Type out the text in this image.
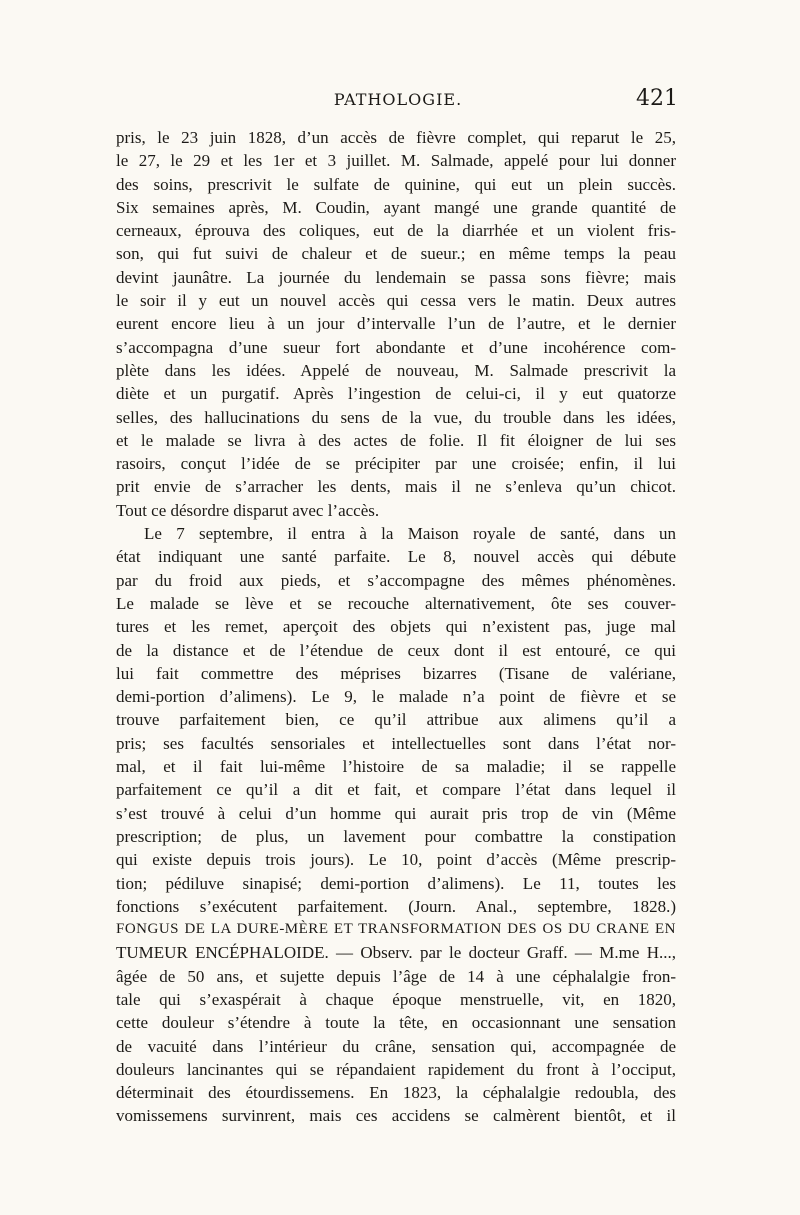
PATHOLOGIE.	421
pris, le 23 juin 1828, d’un accès de fièvre complet, qui reparut le 25,
le 27, le 29 et les 1er et 3 juillet. M. Salmade, appelé pour lui donner
des soins, prescrivit le sulfate de quinine, qui eut un plein succès.
Six semaines après, M. Coudin, ayant mangé une grande quantité de
cerneaux, éprouva des coliques, eut de la diarrhée et un violent fris-
son, qui fut suivi de chaleur et de sueur.; en même temps la peau
devint jaunâtre. La journée du lendemain se passa sons fièvre; mais
le soir il y eut un nouvel accès qui cessa vers le matin. Deux autres
eurent encore lieu à un jour d’intervalle l’un de l’autre, et le dernier
s’accompagna d’une sueur fort abondante et d’une incohérence com-
plète dans les idées. Appelé de nouveau, M. Salmade prescrivit la
diète et un purgatif. Après l’ingestion de celui-ci, il y eut quatorze
selles, des hallucinations du sens de la vue, du trouble dans les idées,
et le malade se livra à des actes de folie. Il fit éloigner de lui ses
rasoirs, conçut l’idée de se précipiter par une croisée; enfin, il lui
prit envie de s’arracher les dents, mais il ne s’enleva qu’un chicot.
Tout ce désordre disparut avec l’accès.
Le 7 septembre, il entra à la Maison royale de santé, dans un
état indiquant une santé parfaite. Le 8, nouvel accès qui débute
par du froid aux pieds, et s’accompagne des mêmes phénomènes.
Le malade se lève et se recouche alternativement, ôte ses couver-
tures et les remet, aperçoit des objets qui n’existent pas, juge mal
de la distance et de l’étendue de ceux dont il est entouré, ce qui
lui fait commettre des méprises bizarres (Tisane de valériane,
demi-portion d’alimens). Le 9, le malade n’a point de fièvre et se
trouve parfaitement bien, ce qu’il attribue aux alimens qu’il a
pris; ses facultés sensoriales et intellectuelles sont dans l’état nor-
mal, et il fait lui-même l’histoire de sa maladie; il se rappelle
parfaitement ce qu’il a dit et fait, et compare l’état dans lequel il
s’est trouvé à celui d’un homme qui aurait pris trop de vin (Même
prescription; de plus, un lavement pour combattre la constipation
qui existe depuis trois jours). Le 10, point d’accès (Même prescrip-
tion; pédiluve sinapisé; demi-portion d’alimens). Le 11, toutes les
fonctions s’exécutent parfaitement. (Journ. Anal., septembre, 1828.)
FONGUS DE LA DURE-MÈRE ET TRANSFORMATION DES OS DU CRANE EN
TUMEUR ENCÉPHALOIDE. — Observ. par le docteur Graff. — M.me H...,
âgée de 50 ans, et sujette depuis l’âge de 14 à une céphalalgie fron-
tale qui s’exaspérait à chaque époque menstruelle, vit, en 1820,
cette douleur s’étendre à toute la tête, en occasionnant une sensation
de vacuité dans l’intérieur du crâne, sensation qui, accompagnée de
douleurs lancinantes qui se répandaient rapidement du front à l’occiput,
déterminait des étourdissemens. En 1823, la céphalalgie redoubla, des
vomissemens survinrent, mais ces accidens se calmèrent bientôt, et il
